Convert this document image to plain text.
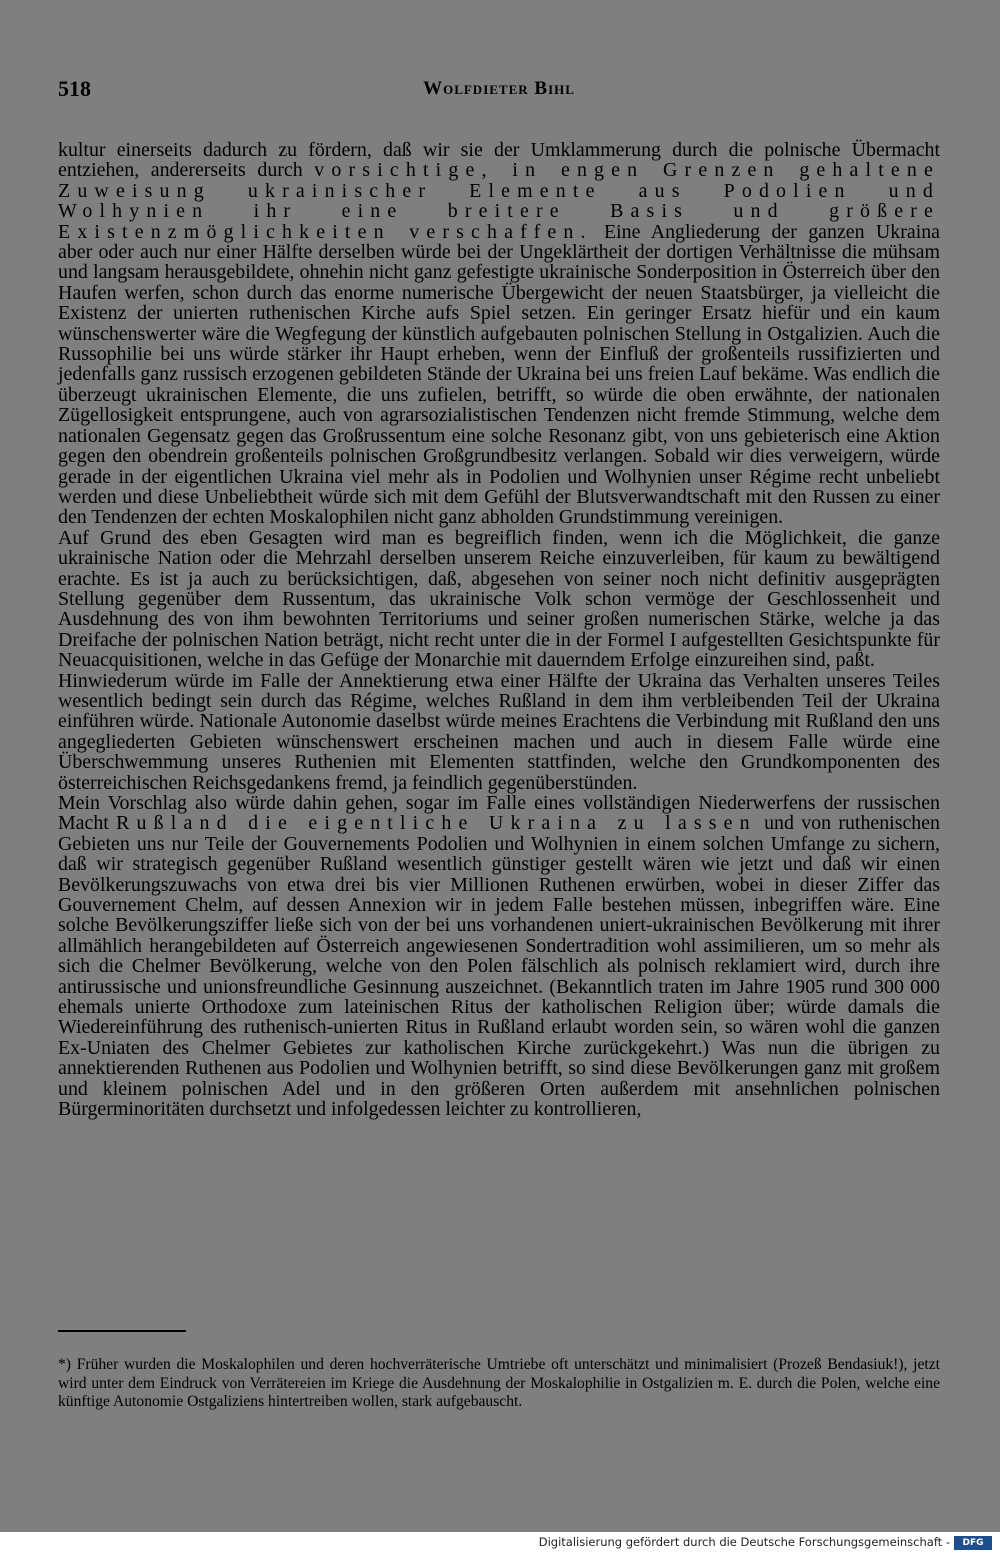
518	Wolfdieter Bihl

kultur einerseits dadurch zu fördern, daß wir sie der Umklammerung durch die polnische Übermacht entziehen, andererseits durch vorsichtige, in engen Grenzen gehaltene Zuweisung ukrainischer Elemente aus Podolien und Wolhynien ihr eine breitere Basis und größere Existenzmöglichkeiten verschaffen. Eine Angliederung der ganzen Ukraina aber oder auch nur einer Hälfte derselben würde bei der Ungeklärtheit der dortigen Verhältnisse die mühsam und langsam herausgebildete, ohnehin nicht ganz gefestigte ukrainische Sonderposition in Österreich über den Haufen werfen, schon durch das enorme numerische Übergewicht der neuen Staatsbürger, ja vielleicht die Existenz der unierten ruthenischen Kirche aufs Spiel setzen. Ein geringer Ersatz hiefür und ein kaum wünschenswerter wäre die Wegfegung der künstlich aufgebauten polnischen Stellung in Ostgalizien. Auch die Russophilie bei uns würde stärker ihr Haupt erheben, wenn der Einfluß der großenteils russifizierten und jedenfalls ganz russisch erzogenen gebildeten Stände der Ukraina bei uns freien Lauf bekäme. Was endlich die überzeugt ukrainischen Elemente, die uns zufielen, betrifft, so würde die oben erwähnte, der nationalen Zügellosigkeit entsprungene, auch von agrarsozialistischen Tendenzen nicht fremde Stimmung, welche dem nationalen Gegensatz gegen das Großrussentum eine solche Resonanz gibt, von uns gebieterisch eine Aktion gegen den obendrein großenteils polnischen Großgrundbesitz verlangen. Sobald wir dies verweigern, würde gerade in der eigentlichen Ukraina viel mehr als in Podolien und Wolhynien unser Régime recht unbeliebt werden und diese Unbeliebtheit würde sich mit dem Gefühl der Blutsverwandtschaft mit den Russen zu einer den Tendenzen der echten Moskalophilen nicht ganz abholden Grundstimmung vereinigen.

Auf Grund des eben Gesagten wird man es begreiflich finden, wenn ich die Möglichkeit, die ganze ukrainische Nation oder die Mehrzahl derselben unserem Reiche einzuverleiben, für kaum zu bewältigend erachte. Es ist ja auch zu berücksichtigen, daß, abgesehen von seiner noch nicht definitiv ausgeprägten Stellung gegenüber dem Russentum, das ukrainische Volk schon vermöge der Geschlossenheit und Ausdehnung des von ihm bewohnten Territoriums und seiner großen numerischen Stärke, welche ja das Dreifache der polnischen Nation beträgt, nicht recht unter die in der Formel I aufgestellten Gesichtspunkte für Neuacquisitionen, welche in das Gefüge der Monarchie mit dauerndem Erfolge einzureihen sind, paßt.

Hinwiederum würde im Falle der Annektierung etwa einer Hälfte der Ukraina das Verhalten unseres Teiles wesentlich bedingt sein durch das Régime, welches Rußland in dem ihm verbleibenden Teil der Ukraina einführen würde. Nationale Autonomie daselbst würde meines Erachtens die Verbindung mit Rußland den uns angegliederten Gebieten wünschenswert erscheinen machen und auch in diesem Falle würde eine Überschwemmung unseres Ruthenien mit Elementen stattfinden, welche den Grundkomponenten des österreichischen Reichsgedankens fremd, ja feindlich gegenüberstünden.

Mein Vorschlag also würde dahin gehen, sogar im Falle eines vollständigen Niederwerfens der russischen Macht Rußland die eigentliche Ukraina zu lassen und von ruthenischen Gebieten uns nur Teile der Gouvernements Podolien und Wolhynien in einem solchen Umfange zu sichern, daß wir strategisch gegenüber Rußland wesentlich günstiger gestellt wären wie jetzt und daß wir einen Bevölkerungszuwachs von etwa drei bis vier Millionen Ruthenen erwürben, wobei in dieser Ziffer das Gouvernement Chelm, auf dessen Annexion wir in jedem Falle bestehen müssen, inbegriffen wäre. Eine solche Bevölkerungsziffer ließe sich von der bei uns vorhandenen uniert-ukrainischen Bevölkerung mit ihrer allmählich herangebildeten auf Österreich angewiesenen Sondertradition wohl assimilieren, um so mehr als sich die Chelmer Bevölkerung, welche von den Polen fälschlich als polnisch reklamiert wird, durch ihre antirussische und unionsfreundliche Gesinnung auszeichnet. (Bekanntlich traten im Jahre 1905 rund 300 000 ehemals unierte Orthodoxe zum lateinischen Ritus der katholischen Religion über; würde damals die Wiedereinführung des ruthenisch-unierten Ritus in Rußland erlaubt worden sein, so wären wohl die ganzen Ex-Uniaten des Chelmer Gebietes zur katholischen Kirche zurückgekehrt.) Was nun die übrigen zu annektierenden Ruthenen aus Podolien und Wolhynien betrifft, so sind diese Bevölkerungen ganz mit großem und kleinem polnischen Adel und in den größeren Orten außerdem mit ansehnlichen polnischen Bürgerminoritäten durchsetzt und infolgedessen leichter zu kontrollieren,

*) Früher wurden die Moskalophilen und deren hochverräterische Umtriebe oft unterschätzt und minimalisiert (Prozeß Bendasiuk!), jetzt wird unter dem Eindruck von Verrätereien im Kriege die Ausdehnung der Moskalophilie in Ostgalizien m. E. durch die Polen, welche eine künftige Autonomie Ostgaliziens hintertreiben wollen, stark aufgebauscht.

Digitalisierung gefördert durch die Deutsche Forschungsgemeinschaft -	DFG
